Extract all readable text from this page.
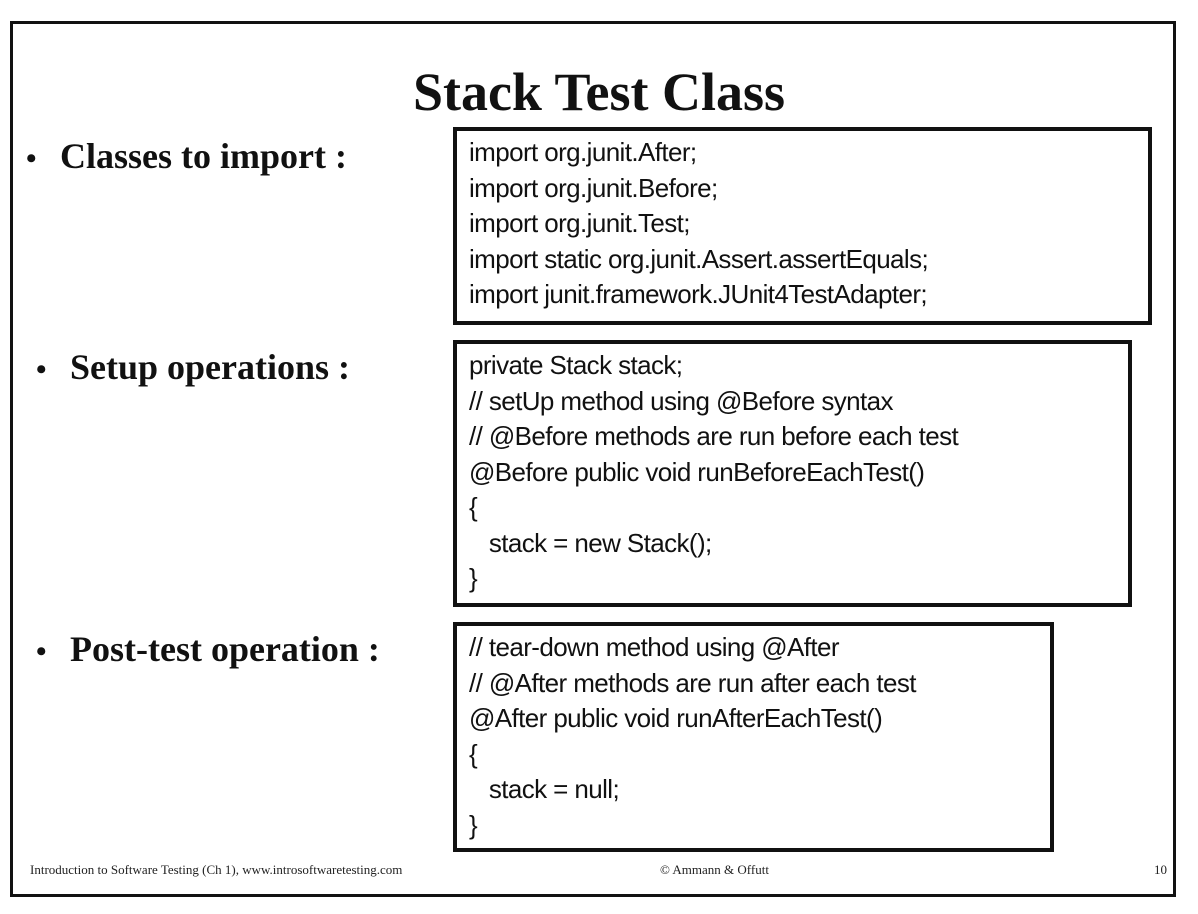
Stack Test Class
• Classes to import :	import org.junit.After;
import org.junit.Before;
import org.junit.Test;
import static org.junit.Assert.assertEquals;
import junit.framework.JUnit4TestAdapter;
• Setup operations :	private Stack stack;
// setUp method using @Before syntax
// @Before methods are run before each test
@Before public void runBeforeEachTest()
{
stack = new Stack();
}
• Post-test operation :	// tear-down method using @After
// @After methods are run after each test
@After public void runAfterEachTest()
{
stack = null;
}
Introduction to Software Testing (Ch 1), www.introsoftwaretesting.com	© Ammann & Offutt	10
